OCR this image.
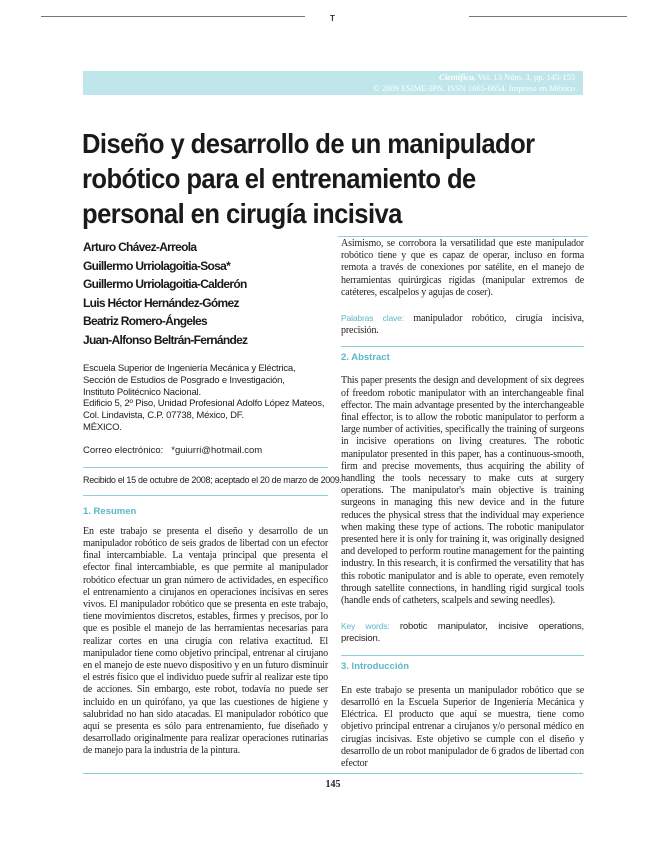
T
Científica, Vol. 13 Núm. 3, pp. 145-155
© 2009 ESIME-IPN. ISSN 1665-0654. Impreso en México
Diseño y desarrollo de un manipulador robótico para el entrenamiento de personal en cirugía incisiva
Arturo Chávez-Arreola
Guillermo Urriolagoitia-Sosa*
Guillermo Urriolagoitia-Calderón
Luis Héctor Hernández-Gómez
Beatriz Romero-Ángeles
Juan-Alfonso Beltrán-Fernández
Escuela Superior de Ingeniería Mecánica y Eléctrica,
Sección de Estudios de Posgrado e Investigación,
Instituto Politécnico Nacional.
Edificio 5, 2º Piso, Unidad Profesional Adolfo López Mateos,
Col. Lindavista, C.P. 07738, México, DF.
MÉXICO.
Correo electrónico: *guiurri@hotmail.com
Recibido el 15 de octubre de 2008; aceptado el 20 de marzo de 2009.
1. Resumen

En este trabajo se presenta el diseño y desarrollo de un manipulador robótico de seis grados de libertad con un efector final intercambiable. La ventaja principal que presenta el efector final intercambiable, es que permite al manipulador robótico efectuar un gran número de actividades, en específico el entrenamiento a cirujanos en operaciones incisivas en seres vivos. El manipulador robótico que se presenta en este trabajo, tiene movimientos discretos, estables, firmes y precisos, por lo que es posible el manejo de las herramientas necesarias para realizar cortes en una cirugía con relativa exactitud. El manipulador tiene como objetivo principal, entrenar al cirujano en el manejo de este nuevo dispositivo y en un futuro disminuir el estrés físico que el individuo puede sufrir al realizar este tipo de acciones. Sin embargo, este robot, todavía no puede ser incluido en un quirófano, ya que las cuestiones de higiene y salubridad no han sido atacadas. El manipulador robótico que aquí se presenta es sólo para entrenamiento, fue diseñado y desarrollado originalmente para realizar operaciones rutinarias de manejo para la industria de la pintura.

Asimismo, se corrobora la versatilidad que este manipulador robótico tiene y que es capaz de operar, incluso en forma remota a través de conexiones por satélite, en el manejo de herramientas quirúrgicas rígidas (manipular extremos de catéteres, escalpelos y agujas de coser).

Palabras clave: manipulador robótico, cirugía incisiva, precisión.

2. Abstract

This paper presents the design and development of six degrees of freedom robotic manipulator with an interchangeable final effector. The main advantage presented by the interchangeable final effector, is to allow the robotic manipulator to perform a large number of activities, specifically the training of surgeons in incisive operations on living creatures. The robotic manipulator presented in this paper, has a continuous-smooth, firm and precise movements, thus acquiring the ability of handling the tools necessary to make cuts at surgery operations. The manipulator's main objective is training surgeons in managing this new device and in the future reduces the physical stress that the individual may experience when making these type of actions. The robotic manipulator presented here it is only for training it, was originally designed and developed to perform routine management for the painting industry. In this research, it is confirmed the versatility that has this robotic manipulator and is able to operate, even remotely through satellite connections, in handling rigid surgical tools (handle ends of catheters, scalpels and sewing needles).

Key words: robotic manipulator, incisive operations, precision.

3. Introducción

En este trabajo se presenta un manipulador robótico que se desarrolló en la Escuela Superior de Ingeniería Mecánica y Eléctrica. El producto que aquí se muestra, tiene como objetivo principal entrenar a cirujanos y/o personal médico en cirugías incisivas. Este objetivo se cumple con el diseño y desarrollo de un robot manipulador de 6 grados de libertad con efector

145
